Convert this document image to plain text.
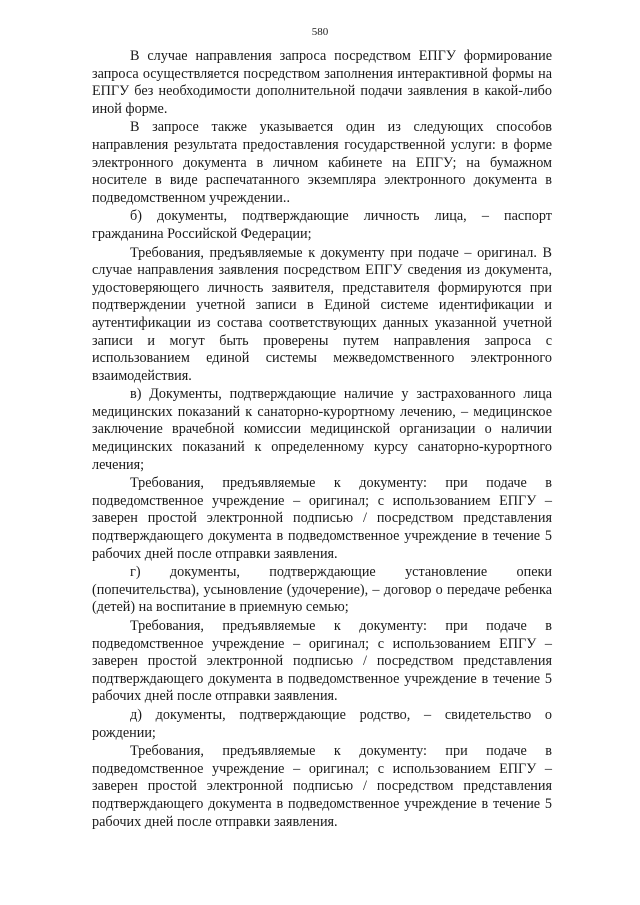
580

В случае направления запроса посредством ЕПГУ формирование запроса осуществляется посредством заполнения интерактивной формы на ЕПГУ без необходимости дополнительной подачи заявления в какой-либо иной форме.

В запросе также указывается один из следующих способов направления результата предоставления государственной услуги: в форме электронного документа в личном кабинете на ЕПГУ; на бумажном носителе в виде распечатанного экземпляра электронного документа в подведомственном учреждении..

б) документы, подтверждающие личность лица, – паспорт гражданина Российской Федерации;

Требования, предъявляемые к документу при подаче – оригинал. В случае направления заявления посредством ЕПГУ сведения из документа, удостоверяющего личность заявителя, представителя формируются при подтверждении учетной записи в Единой системе идентификации и аутентификации из состава соответствующих данных указанной учетной записи и могут быть проверены путем направления запроса с использованием единой системы межведомственного электронного взаимодействия.

в) Документы, подтверждающие наличие у застрахованного лица медицинских показаний к санаторно-курортному лечению, – медицинское заключение врачебной комиссии медицинской организации о наличии медицинских показаний к определенному курсу санаторно-курортного лечения;

Требования, предъявляемые к документу: при подаче в подведомственное учреждение – оригинал; с использованием ЕПГУ – заверен простой электронной подписью / посредством представления подтверждающего документа в подведомственное учреждение в течение 5 рабочих дней после отправки заявления.

г) документы, подтверждающие установление опеки (попечительства), усыновление (удочерение), – договор о передаче ребенка (детей) на воспитание в приемную семью;

Требования, предъявляемые к документу: при подаче в подведомственное учреждение – оригинал; с использованием ЕПГУ – заверен простой электронной подписью / посредством представления подтверждающего документа в подведомственное учреждение в течение 5 рабочих дней после отправки заявления.

д) документы, подтверждающие родство, – свидетельство о рождении;

Требования, предъявляемые к документу: при подаче в подведомственное учреждение – оригинал; с использованием ЕПГУ – заверен простой электронной подписью / посредством представления подтверждающего документа в подведомственное учреждение в течение 5 рабочих дней после отправки заявления.
